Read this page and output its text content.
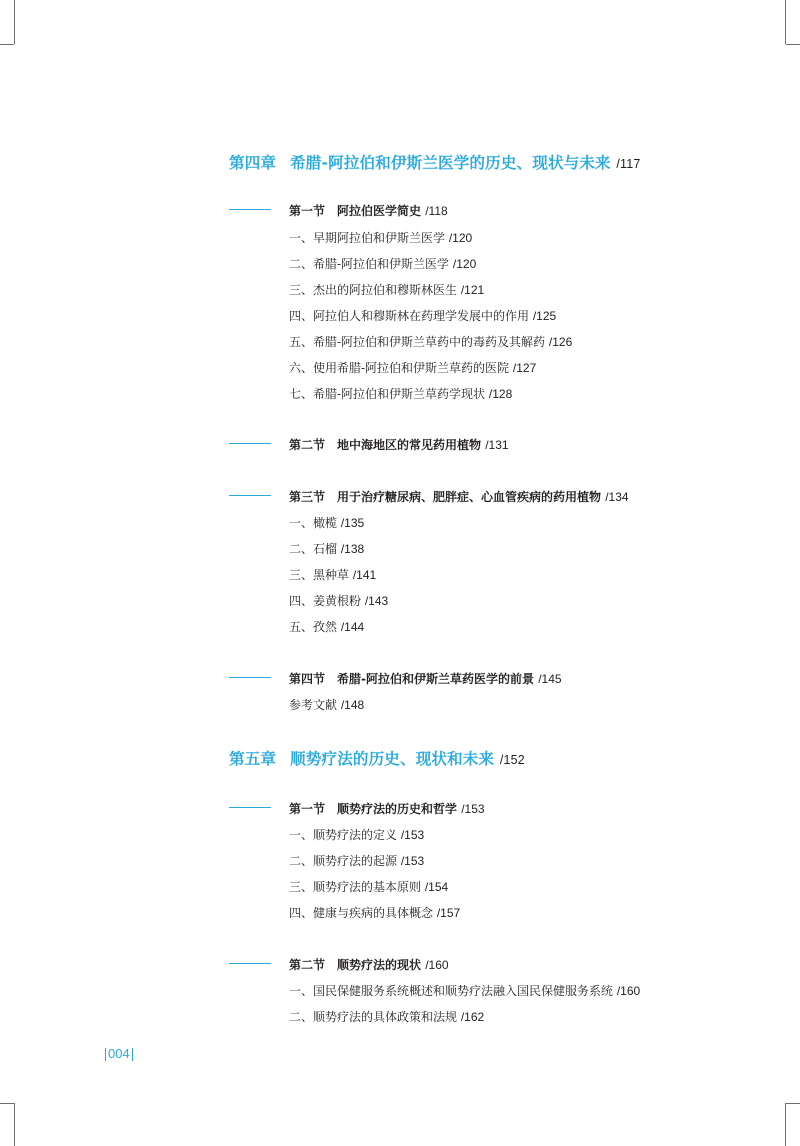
第四章 希腊-阿拉伯和伊斯兰医学的历史、现状与未来 /117
第一节 阿拉伯医学简史 /118
一、早期阿拉伯和伊斯兰医学 /120
二、希腊-阿拉伯和伊斯兰医学 /120
三、杰出的阿拉伯和穆斯林医生 /121
四、阿拉伯人和穆斯林在药理学发展中的作用 /125
五、希腊-阿拉伯和伊斯兰草药中的毒药及其解药 /126
六、使用希腊-阿拉伯和伊斯兰草药的医院 /127
七、希腊-阿拉伯和伊斯兰草药学现状 /128
第二节 地中海地区的常见药用植物 /131
第三节 用于治疗糖尿病、肥胖症、心血管疾病的药用植物 /134
一、橄榄 /135
二、石榴 /138
三、黑种草 /141
四、姜黄根粉 /143
五、孜然 /144
第四节 希腊-阿拉伯和伊斯兰草药医学的前景 /145
参考文献 /148
第五章 顺势疗法的历史、现状和未来 /152
第一节 顺势疗法的历史和哲学 /153
一、顺势疗法的定义 /153
二、顺势疗法的起源 /153
三、顺势疗法的基本原则 /154
四、健康与疾病的具体概念 /157
第二节 顺势疗法的现状 /160
一、国民保健服务系统概述和顺势疗法融入国民保健服务系统 /160
二、顺势疗法的具体政策和法规 /162
004
